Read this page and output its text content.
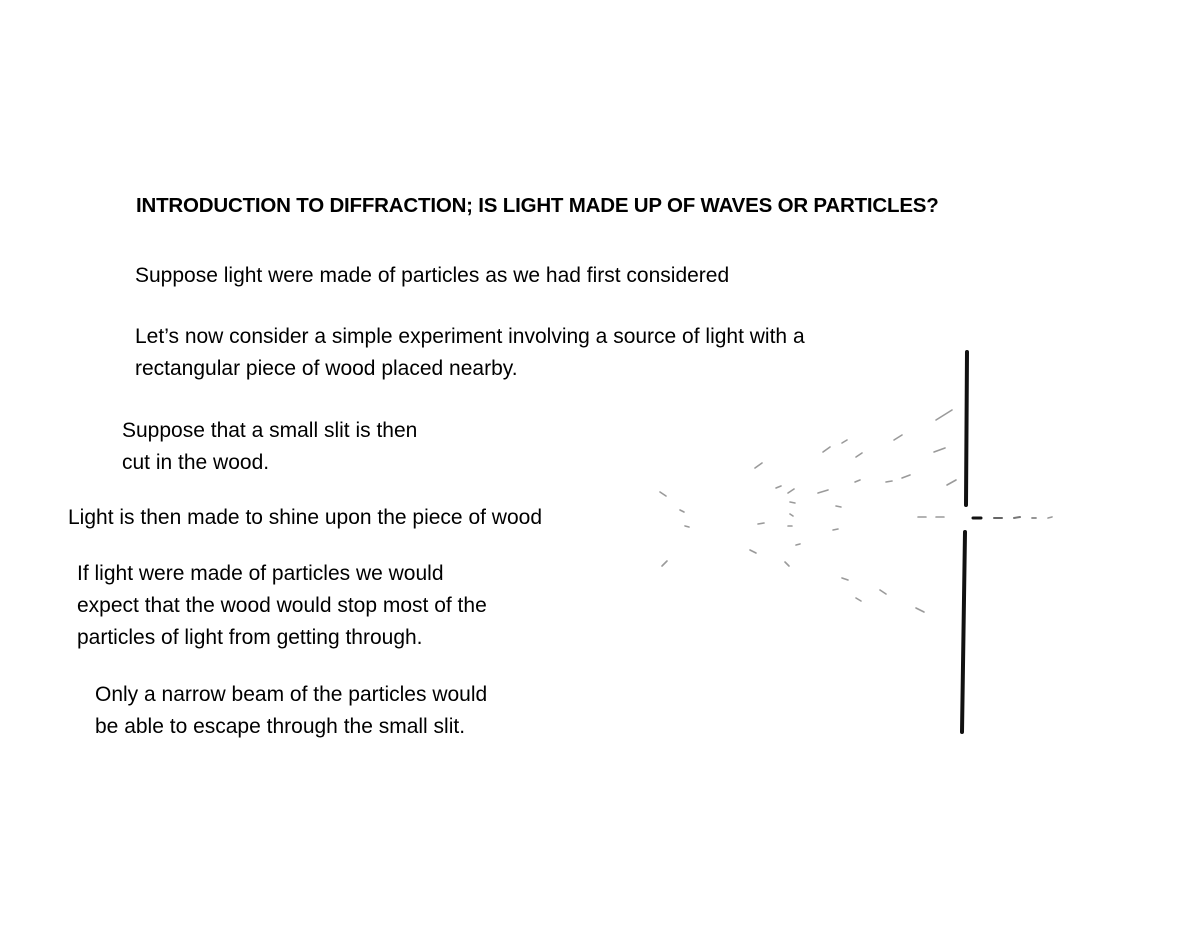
INTRODUCTION TO DIFFRACTION; IS LIGHT MADE UP OF WAVES OR PARTICLES?

Suppose light were made of particles as we had first considered

Let’s now consider a simple experiment involving a source of light with a
rectangular piece of wood placed nearby.

Suppose that a small slit is then
cut in the wood.

Light is then made to shine upon the piece of wood

If light were made of particles we would
expect that the wood would stop most of the
particles of light from getting through.

Only a narrow beam of the particles would
be able to escape through the small slit.
